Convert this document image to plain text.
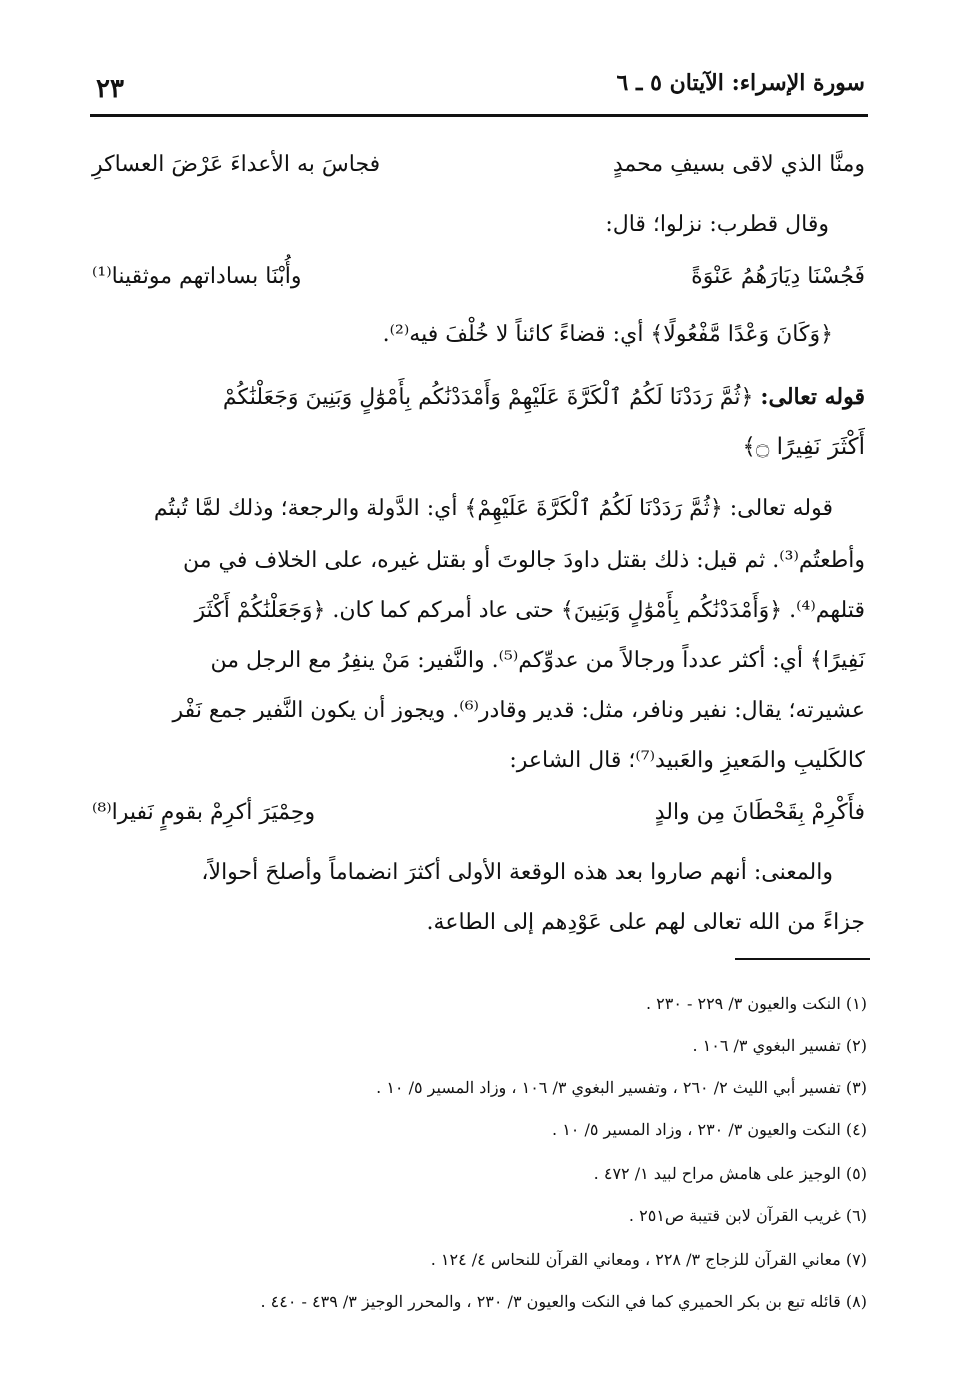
سورة الإسراء: الآيتان ٥ ـ ٦
٢٣
ومنَّا الذي لاقى بسيفِ محمدٍ
فجاسَ به الأعداءَ عَرْضَ العساكرِ
وقال قطرب: نزلوا؛ قال:
فَجُسْنَا دِيَارَهُمُ عَنْوَةً
وأُبْنَا بساداتهم موثقينا⁽¹⁾
﴿وَكَانَ وَعْدًا مَّفْعُولًا﴾ أي: قضاءً كائناً لا خُلْفَ فيه⁽²⁾.
قوله تعالى: ﴿ثُمَّ رَدَدْنَا لَكُمُ ٱلْكَرَّةَ عَلَيْهِمْ وَأَمْدَدْنَٰكُم بِأَمْوَٰلٍ وَبَنِينَ وَجَعَلْنَٰكُمْ
أَكْثَرَ نَفِيرًا ۝﴾
قوله تعالى: ﴿ثُمَّ رَدَدْنَا لَكُمُ ٱلْكَرَّةَ عَلَيْهِمْ﴾ أي: الدَّولة والرجعة؛ وذلك لمَّا تُبتُم
وأطعتُم⁽³⁾. ثم قيل: ذلك بقتل داودَ جالوتَ أو بقتل غيره، على الخلاف في من
قتلهم⁽⁴⁾. ﴿وَأَمْدَدْنَٰكُم بِأَمْوَٰلٍ وَبَنِينَ﴾ حتى عاد أمركم كما كان. ﴿وَجَعَلْنَٰكُمْ أَكْثَرَ
نَفِيرًا﴾ أي: أكثر عدداً ورجالاً من عدوِّكم⁽⁵⁾. والنَّفير: مَنْ ينفِرُ مع الرجل من
عشيرته؛ يقال: نفير ونافر، مثل: قدير وقادر⁽⁶⁾. ويجوز أن يكون النَّفير جمع نَفْر
كالكَليبِ والمَعيزِ والعَبيد⁽⁷⁾؛ قال الشاعر:
فأَكْرِمْ بِقَحْطَانَ مِن والدٍ
وحِمْيَرَ أكرِمْ بقومٍ نَفيرا⁽⁸⁾
والمعنى: أنهم صاروا بعد هذه الوقعة الأولى أكثرَ انضماماً وأصلحَ أحوالاً،
جزاءً من الله تعالى لهم على عَوْدِهم إلى الطاعة.
(١) النكت والعيون ٣/ ٢٢٩ - ٢٣٠ .
(٢) تفسير البغوي ٣/ ١٠٦ .
(٣) تفسير أبي الليث ٢/ ٢٦٠ ، وتفسير البغوي ٣/ ١٠٦ ، وزاد المسير ٥/ ١٠ .
(٤) النكت والعيون ٣/ ٢٣٠ ، وزاد المسير ٥/ ١٠ .
(٥) الوجيز على هامش مراح لبيد ١/ ٤٧٢ .
(٦) غريب القرآن لابن قتيبة ص٢٥١ .
(٧) معاني القرآن للزجاج ٣/ ٢٢٨ ، ومعاني القرآن للنحاس ٤/ ١٢٤ .
(٨) قائله تبع بن بكر الحميري كما في النكت والعيون ٣/ ٢٣٠ ، والمحرر الوجيز ٣/ ٤٣٩ - ٤٤٠ .
